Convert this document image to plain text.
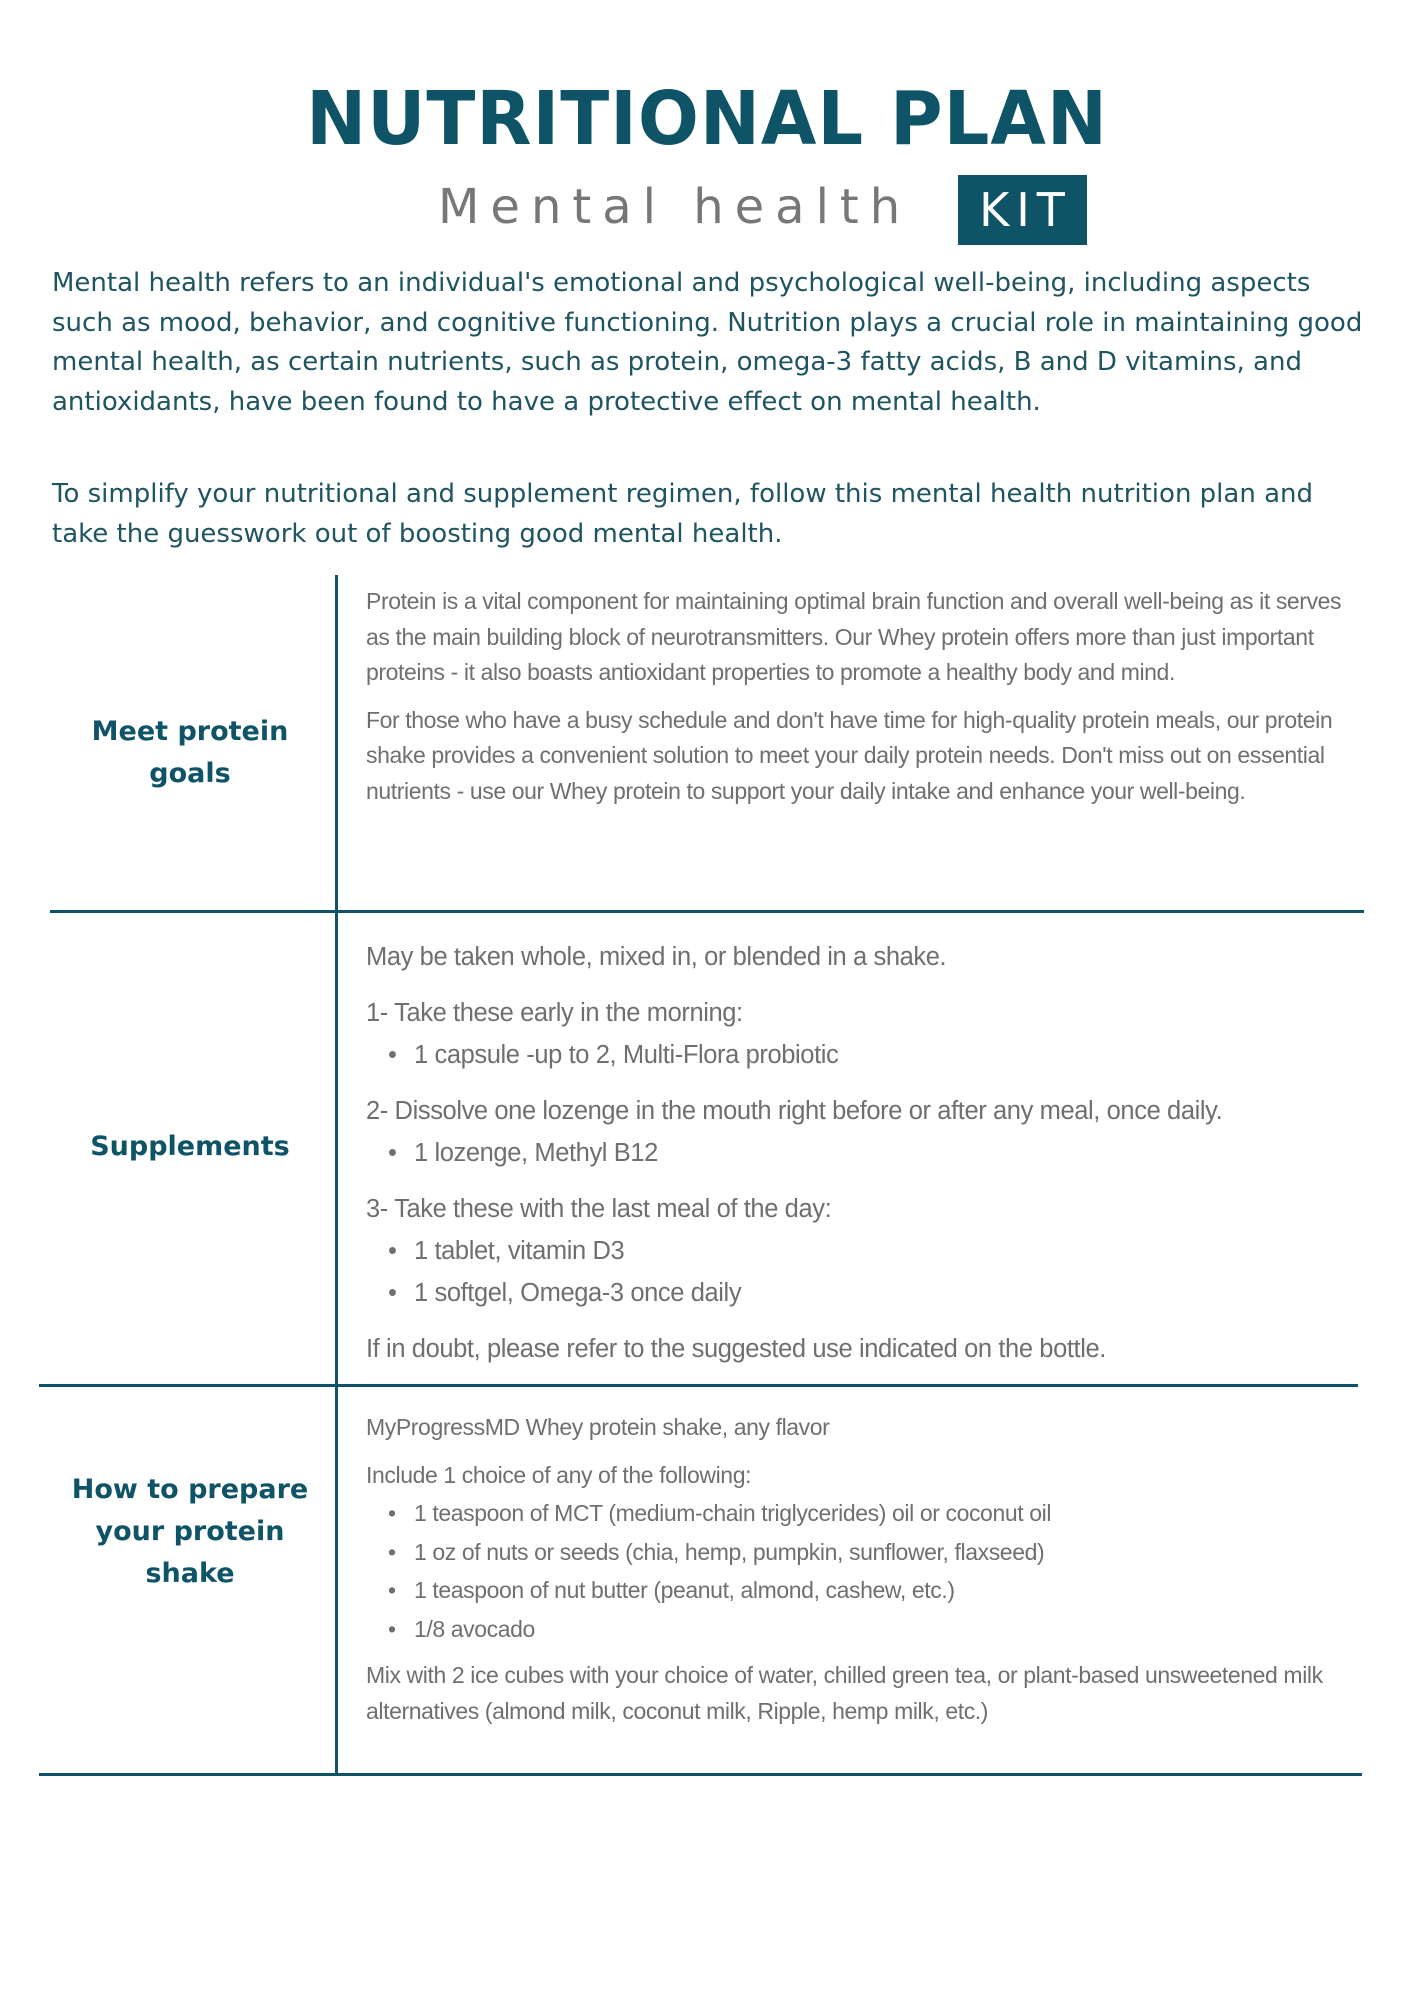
NUTRITIONAL PLAN
Mental health	KIT

Mental health refers to an individual's emotional and psychological well-being, including aspects such as mood, behavior, and cognitive functioning. Nutrition plays a crucial role in maintaining good mental health, as certain nutrients, such as protein, omega-3 fatty acids, B and D vitamins, and antioxidants, have been found to have a protective effect on mental health.

To simplify your nutritional and supplement regimen, follow this mental health nutrition plan and take the guesswork out of boosting good mental health.

Meet protein goals

Protein is a vital component for maintaining optimal brain function and overall well-being as it serves as the main building block of neurotransmitters. Our Whey protein offers more than just important proteins - it also boasts antioxidant properties to promote a healthy body and mind.

For those who have a busy schedule and don't have time for high-quality protein meals, our protein shake provides a convenient solution to meet your daily protein needs. Don't miss out on essential nutrients - use our Whey protein to support your daily intake and enhance your well-being.

Supplements

May be taken whole, mixed in, or blended in a shake.

1- Take these early in the morning:

• 1 capsule -up to 2, Multi-Flora probiotic

2- Dissolve one lozenge in the mouth right before or after any meal, once daily.

• 1 lozenge, Methyl B12

3- Take these with the last meal of the day:

• 1 tablet, vitamin D3
• 1 softgel, Omega-3 once daily

If in doubt, please refer to the suggested use indicated on the bottle.

How to prepare your protein shake

MyProgressMD Whey protein shake, any flavor

Include 1 choice of any of the following:

• 1 teaspoon of MCT (medium-chain triglycerides) oil or coconut oil
• 1 oz of nuts or seeds (chia, hemp, pumpkin, sunflower, flaxseed)
• 1 teaspoon of nut butter (peanut, almond, cashew, etc.)
• 1/8 avocado

Mix with 2 ice cubes with your choice of water, chilled green tea, or plant-based unsweetened milk alternatives (almond milk, coconut milk, Ripple, hemp milk, etc.)
